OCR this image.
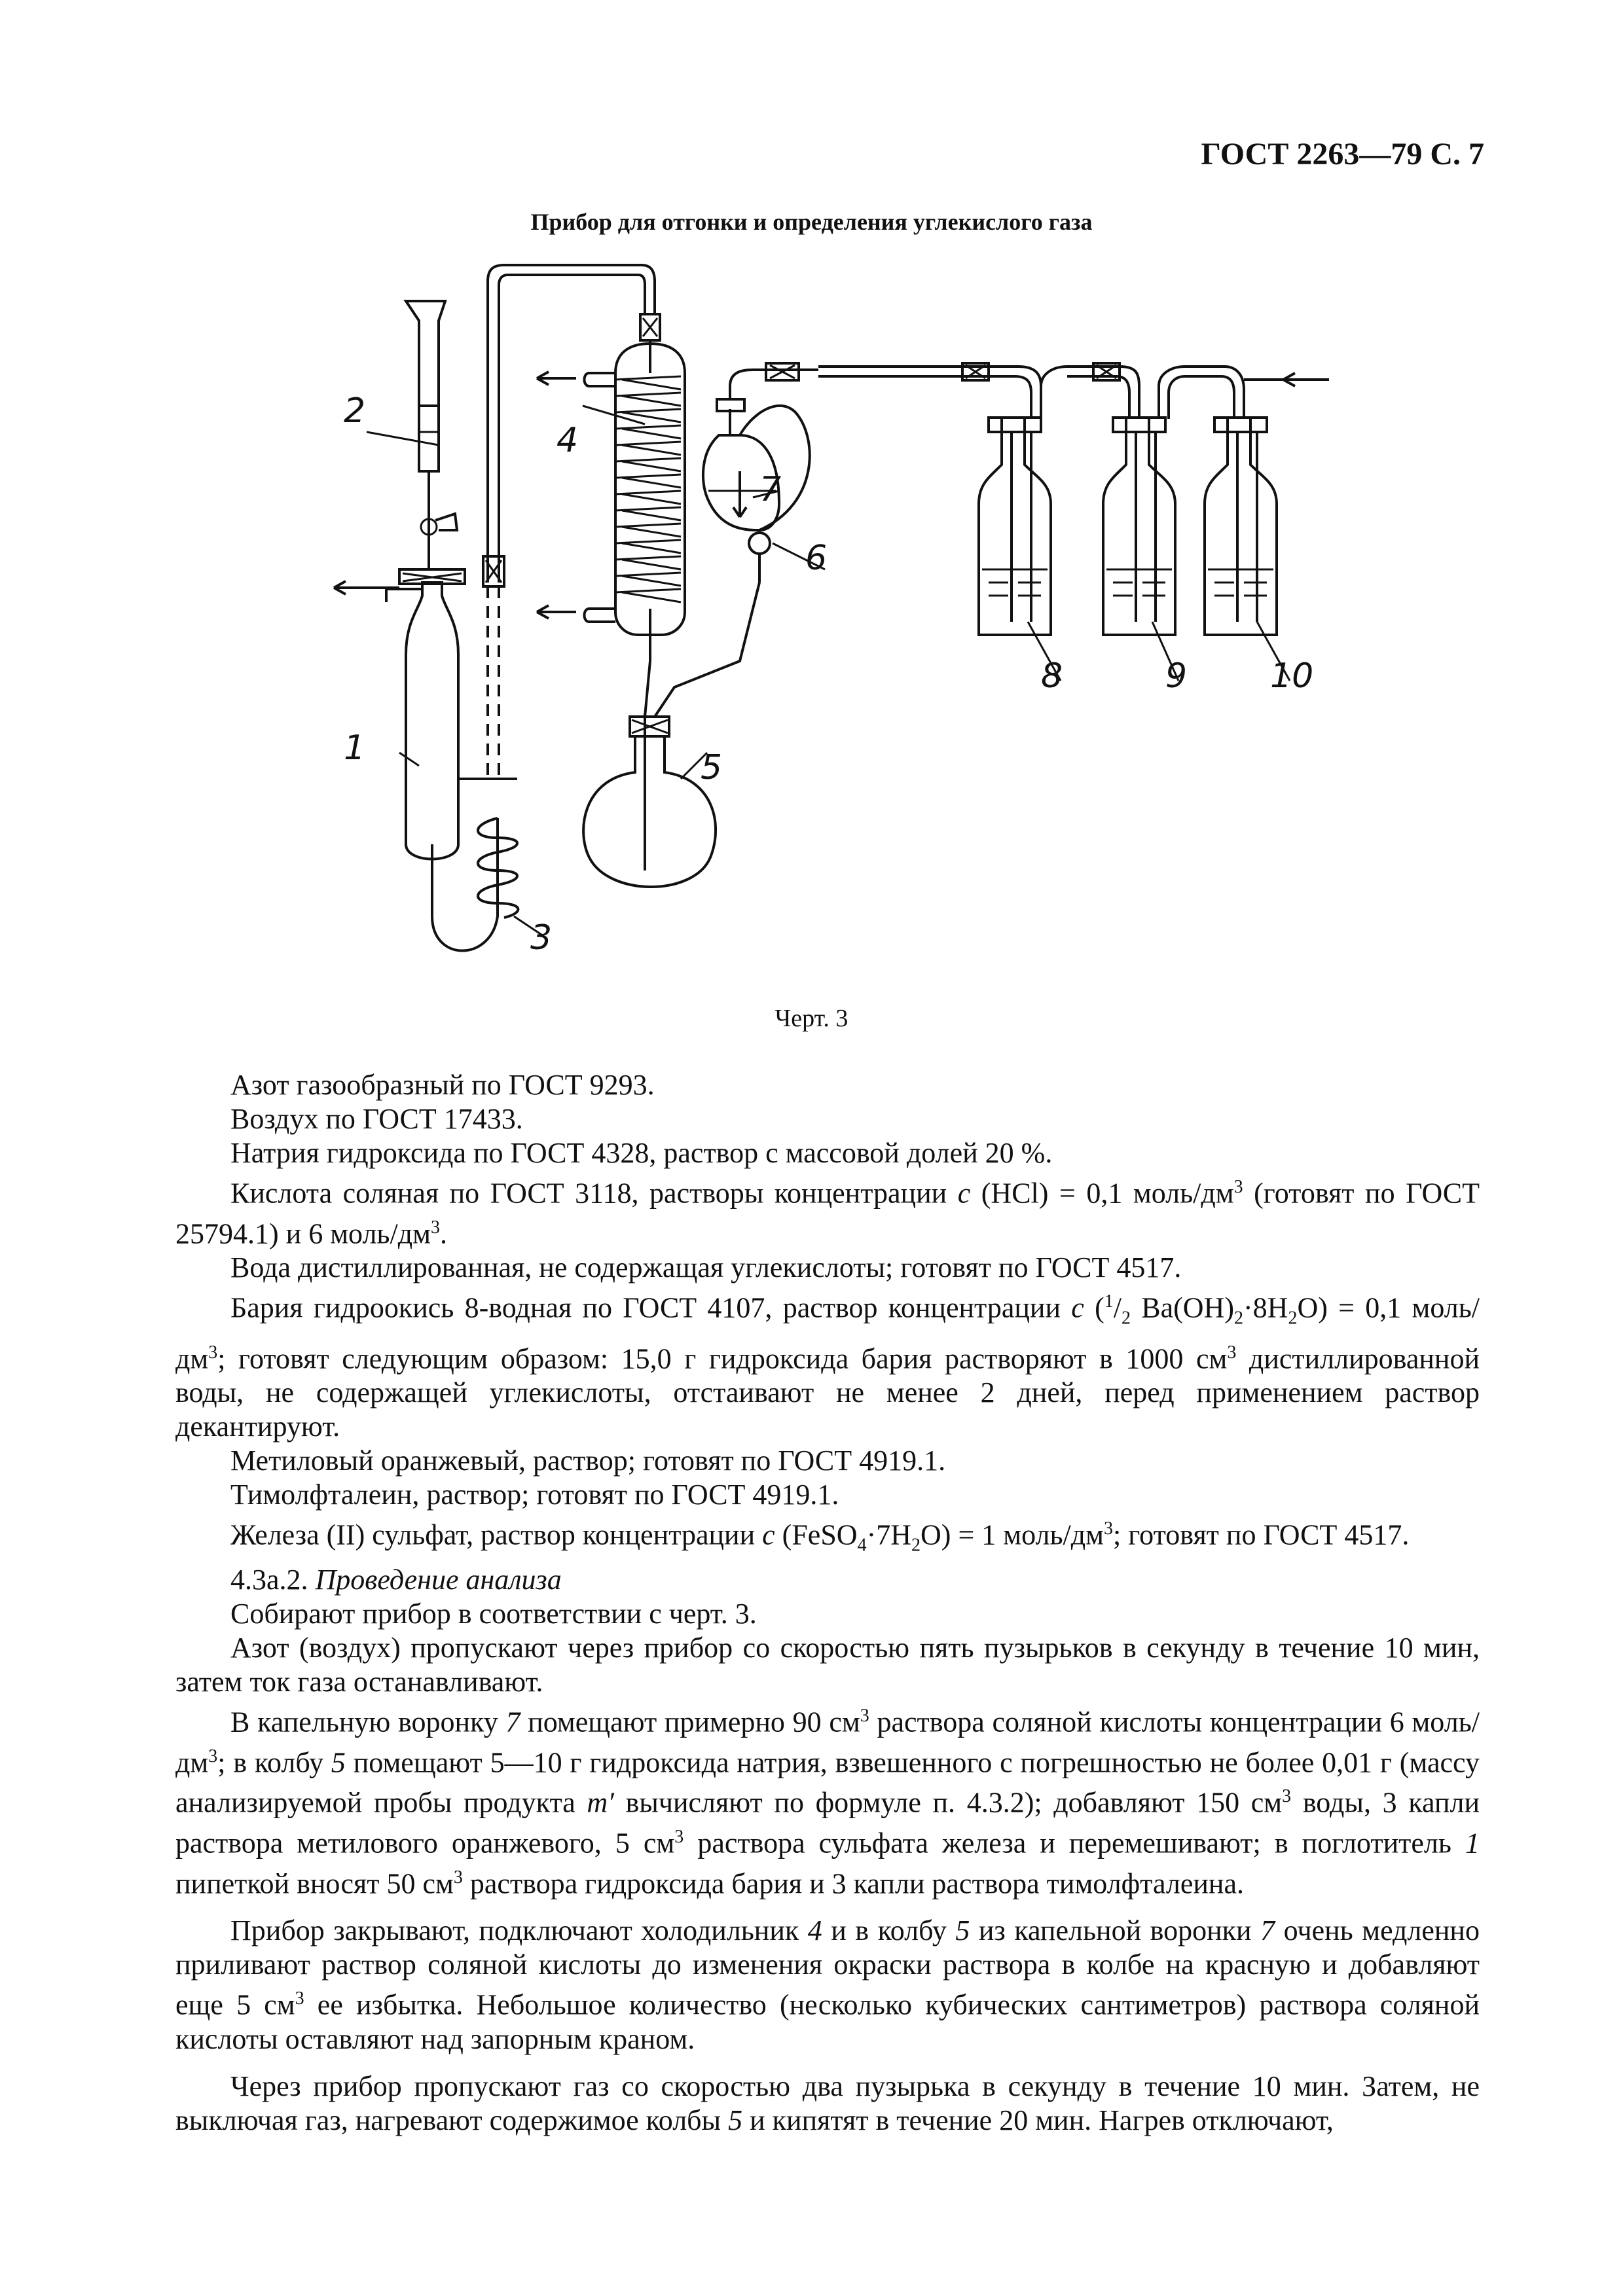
ГОСТ 2263—79 С. 7
Прибор для отгонки и определения углекислого газа
2
1
3
4
5
6
7
8	9 10
Черт. 3

Азот газообразный по ГОСТ 9293.

Воздух по ГОСТ 17433.

Натрия гидроксида по ГОСТ 4328, раствор с массовой долей 20 %.

Кислота соляная по ГОСТ 3118, растворы концентрации c (HCl) = 0,1 моль/$дм^3$ (готовят по ГОСТ 25794.1) и 6 моль/$дм^3$.

Вода дистиллированная, не содержащая углекислоты; готовят по ГОСТ 4517.

Бария гидроокись 8-водная по ГОСТ 4107, раствор концентрации c ($^1/_2$ $Ba(OH)_2\cdot 8H_2O) = 0,1$ моль/$дм^3$; готовят следующим образом: 15,0 г гидроксида бария растворяют в 1000 $см^3$ дистиллированной воды, не содержащей углекислоты, отстаивают не менее 2 дней, перед применением раствор декантируют.

Метиловый оранжевый, раствор; готовят по ГОСТ 4919.1.

Тимолфталеин, раствор; готовят по ГОСТ 4919.1.

Железа (II) сульфат, раствор концентрации c $(FeSO_4\cdot 7H_2O) = 1$ моль/$дм^3$; готовят по ГОСТ 4517.

4.3а.2. Проведение анализа

Собирают прибор в соответствии с черт. 3.

Азот (воздух) пропускают через прибор со скоростью пять пузырьков в секунду в течение 10 мин, затем ток газа останавливают.

В капельную воронку 7 помещают примерно 90 $см^3$ раствора соляной кислоты концентрации 6 моль/$дм^3$; в колбу 5 помещают 5—10 г гидроксида натрия, взвешенного с погрешностью не более 0,01 г (массу анализируемой пробы продукта m′ вычисляют по формуле п. 4.3.2); добавляют 150 $см^3$ воды, 3 капли раствора метилового оранжевого, 5 $см^3$ раствора сульфата железа и перемешивают; в поглотитель 1 пипеткой вносят 50 $см^3$ раствора гидроксида бария и 3 капли раствора тимолфталеина.

Прибор закрывают, подключают холодильник 4 и в колбу 5 из капельной воронки 7 очень медленно приливают раствор соляной кислоты до изменения окраски раствора в колбе на красную и добавляют еще 5 $см^3$ ее избытка. Небольшое количество (несколько кубических сантиметров) раствора соляной кислоты оставляют над запорным краном.

Через прибор пропускают газ со скоростью два пузырька в секунду в течение 10 мин. Затем, не выключая газ, нагревают содержимое колбы 5 и кипятят в течение 20 мин. Нагрев отключают,
